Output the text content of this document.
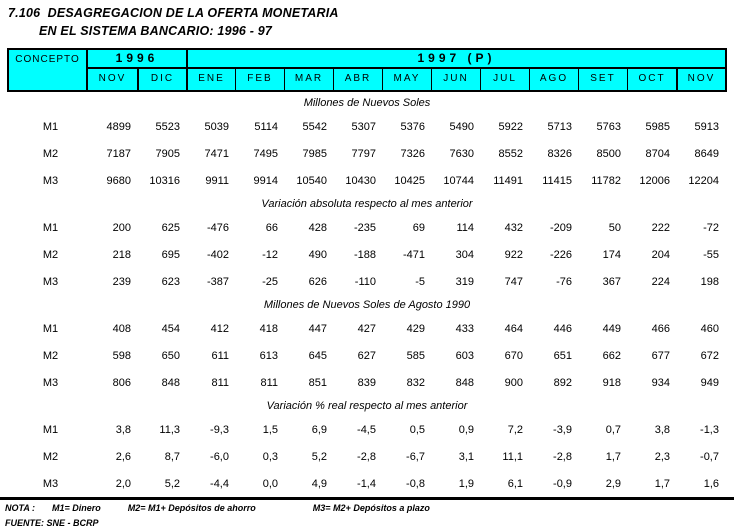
7.106  DESAGREGACION DE LA OFERTA MONETARIA
EN EL SISTEMA BANCARIO: 1996 - 97
CONCEPTO	1996	1997 (P)
NOV	DIC	ENE	FEB	MAR	ABR	MAY	JUN	JUL	AGO	SET	OCT	NOV
Millones de Nuevos Soles
M1	4899	5523	5039	5114	5542	5307	5376	5490	5922	5713	5763	5985	5913
M2	7187	7905	7471	7495	7985	7797	7326	7630	8552	8326	8500	8704	8649
M3	9680	10316	9911	9914	10540	10430	10425	10744	11491	11415	11782	12006	12204
Variación absoluta respecto al mes anterior
M1	200	625	-476	66	428	-235	69	114	432	-209	50	222	-72
M2	218	695	-402	-12	490	-188	-471	304	922	-226	174	204	-55
M3	239	623	-387	-25	626	-110	-5	319	747	-76	367	224	198
Millones de Nuevos Soles de Agosto 1990
M1	408	454	412	418	447	427	429	433	464	446	449	466	460
M2	598	650	611	613	645	627	585	603	670	651	662	677	672
M3	806	848	811	811	851	839	832	848	900	892	918	934	949
Variación % real respecto al mes anterior
M1	3,8	11,3	-9,3	1,5	6,9	-4,5	0,5	0,9	7,2	-3,9	0,7	3,8	-1,3
M2	2,6	8,7	-6,0	0,3	5,2	-2,8	-6,7	3,1	11,1	-2,8	1,7	2,3	-0,7
M3	2,0	5,2	-4,4	0,0	4,9	-1,4	-0,8	1,9	6,1	-0,9	2,9	1,7	1,6
NOTA : M1= Dinero	M2= M1+ Depósitos de ahorro	M3= M2+ Depósitos a plazo
FUENTE: SNE - BCRP
